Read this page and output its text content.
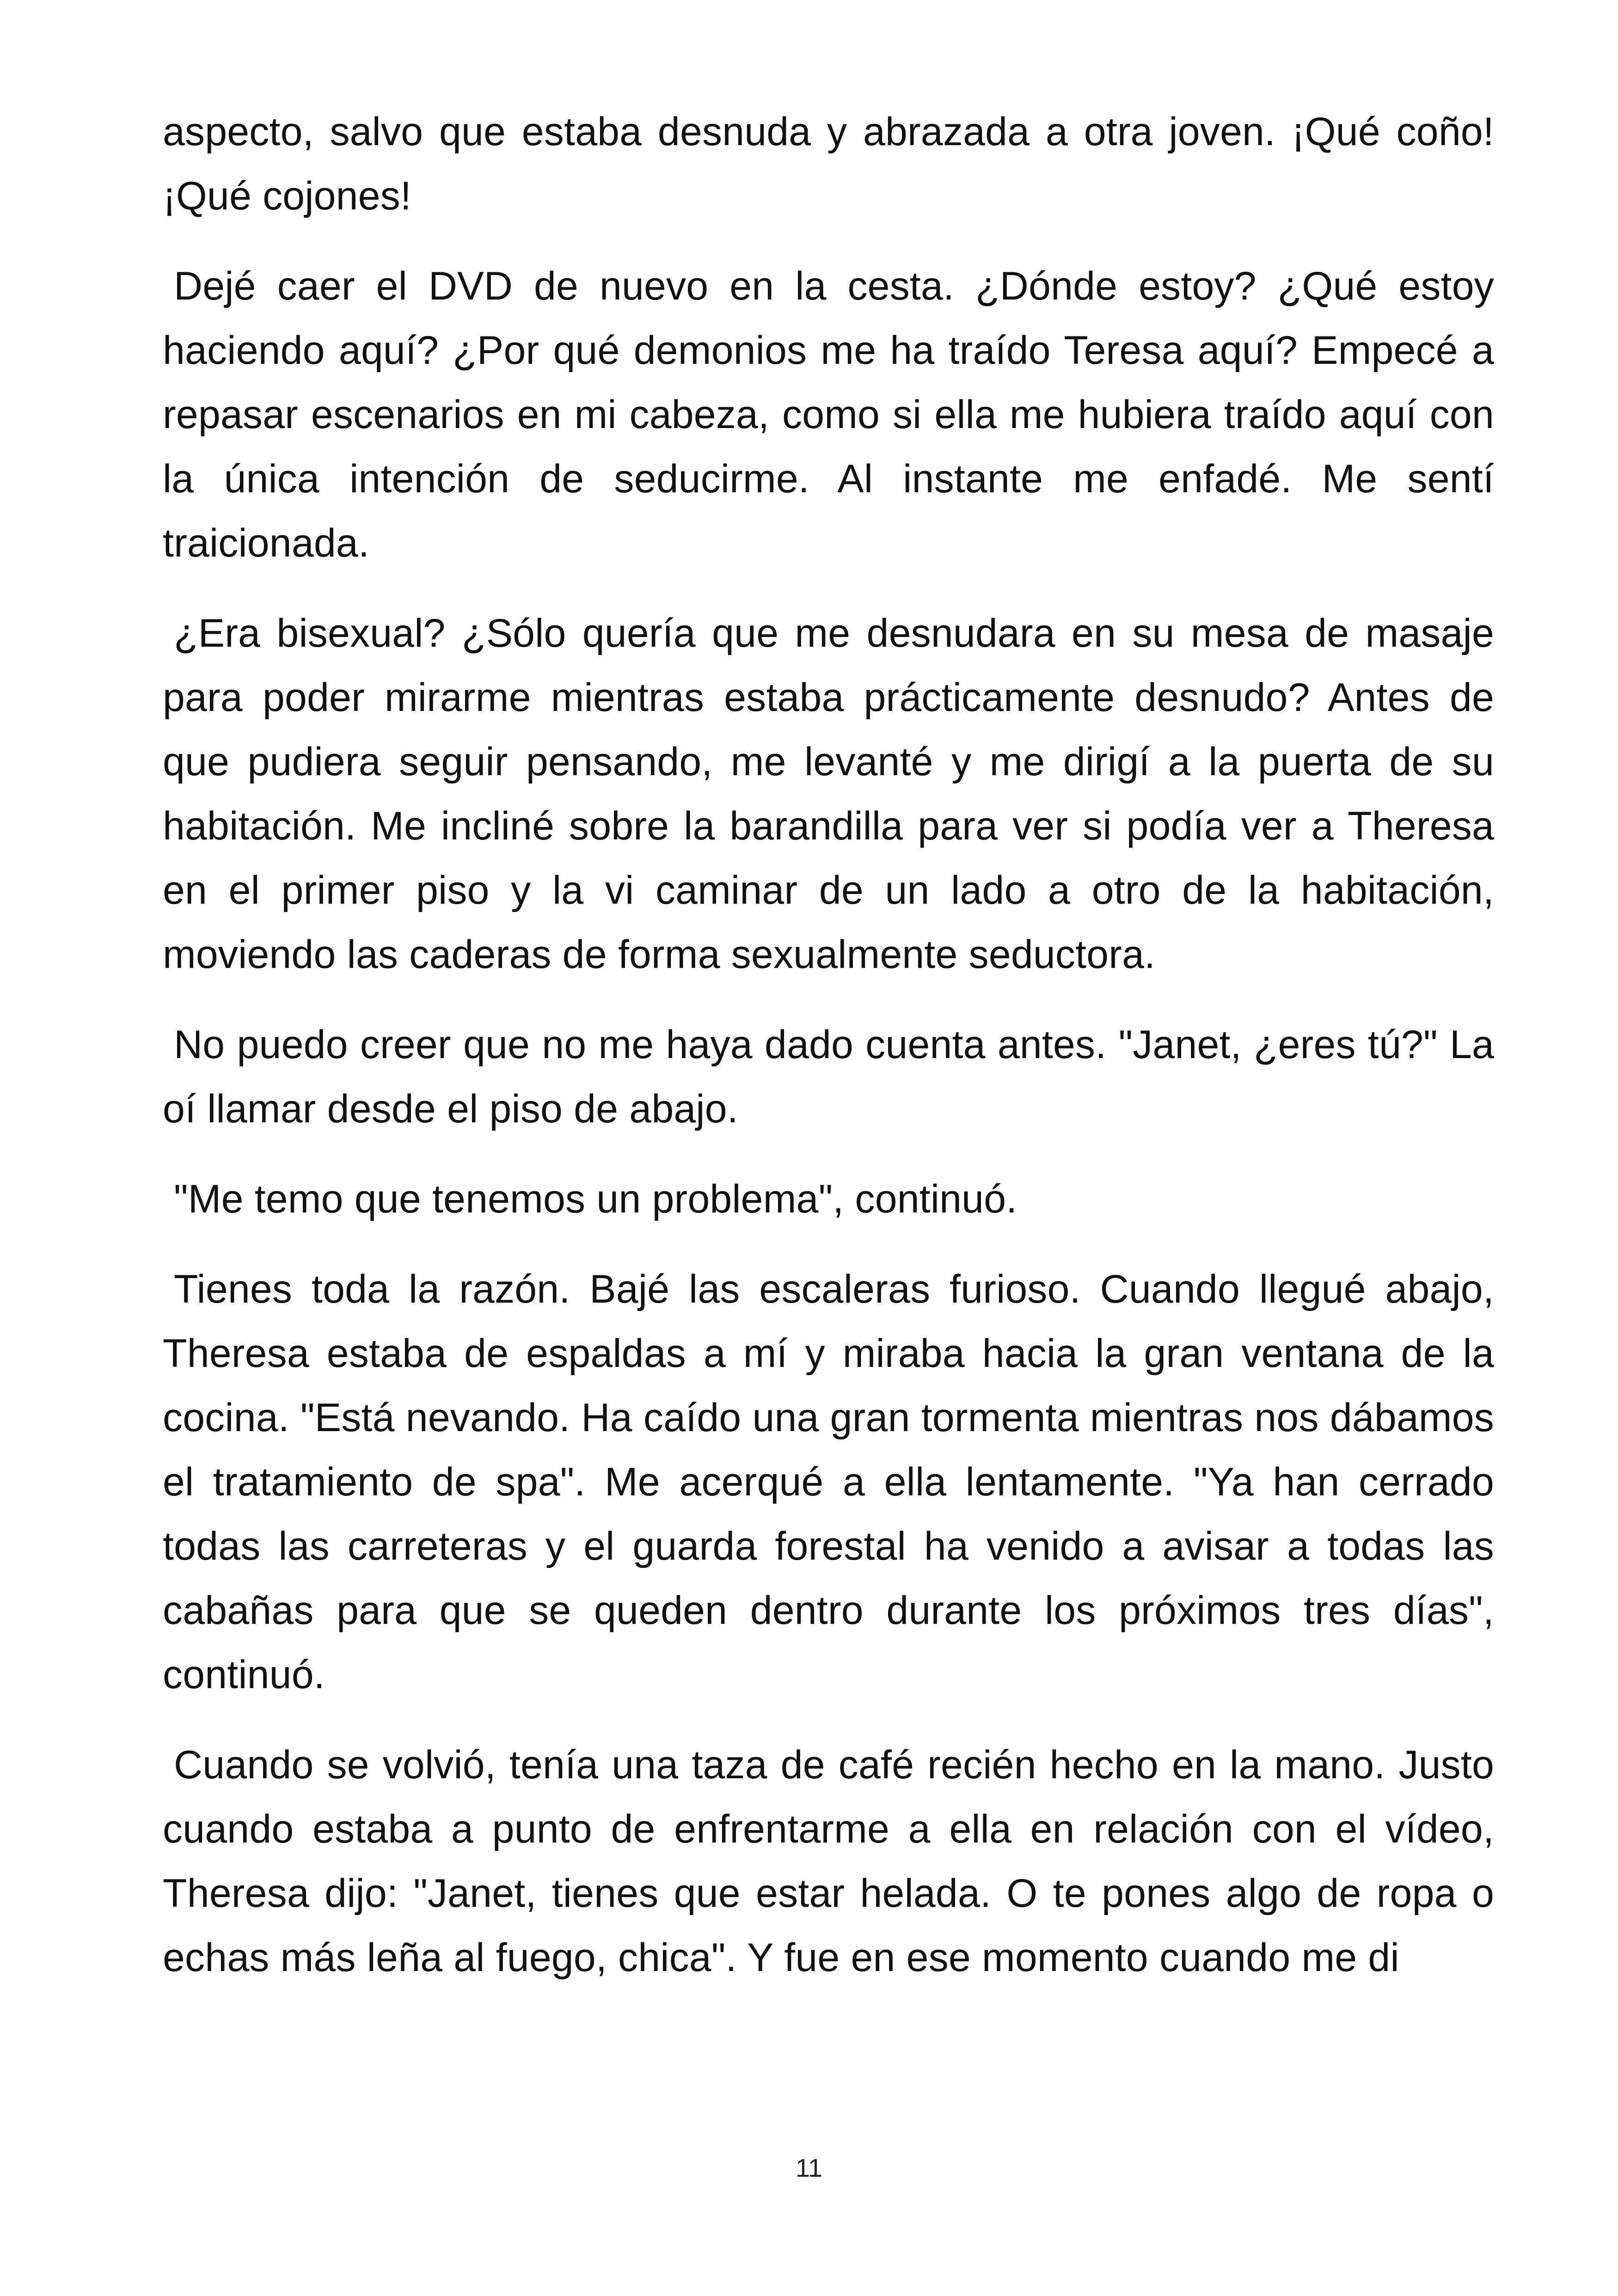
aspecto, salvo que estaba desnuda y abrazada a otra joven. ¡Qué coño! ¡Qué cojones!

Dejé caer el DVD de nuevo en la cesta. ¿Dónde estoy? ¿Qué estoy haciendo aquí? ¿Por qué demonios me ha traído Teresa aquí? Empecé a repasar escenarios en mi cabeza, como si ella me hubiera traído aquí con la única intención de seducirme. Al instante me enfadé. Me sentí traicionada.

¿Era bisexual? ¿Sólo quería que me desnudara en su mesa de masaje para poder mirarme mientras estaba prácticamente desnudo? Antes de que pudiera seguir pensando, me levanté y me dirigí a la puerta de su habitación. Me incliné sobre la barandilla para ver si podía ver a Theresa en el primer piso y la vi caminar de un lado a otro de la habitación, moviendo las caderas de forma sexualmente seductora.

No puedo creer que no me haya dado cuenta antes. "Janet, ¿eres tú?" La oí llamar desde el piso de abajo.

"Me temo que tenemos un problema", continuó.

Tienes toda la razón. Bajé las escaleras furioso. Cuando llegué abajo, Theresa estaba de espaldas a mí y miraba hacia la gran ventana de la cocina. "Está nevando. Ha caído una gran tormenta mientras nos dábamos el tratamiento de spa". Me acerqué a ella lentamente. "Ya han cerrado todas las carreteras y el guarda forestal ha venido a avisar a todas las cabañas para que se queden dentro durante los próximos tres días", continuó.

Cuando se volvió, tenía una taza de café recién hecho en la mano. Justo cuando estaba a punto de enfrentarme a ella en relación con el vídeo, Theresa dijo: "Janet, tienes que estar helada. O te pones algo de ropa o echas más leña al fuego, chica". Y fue en ese momento cuando me di

11
